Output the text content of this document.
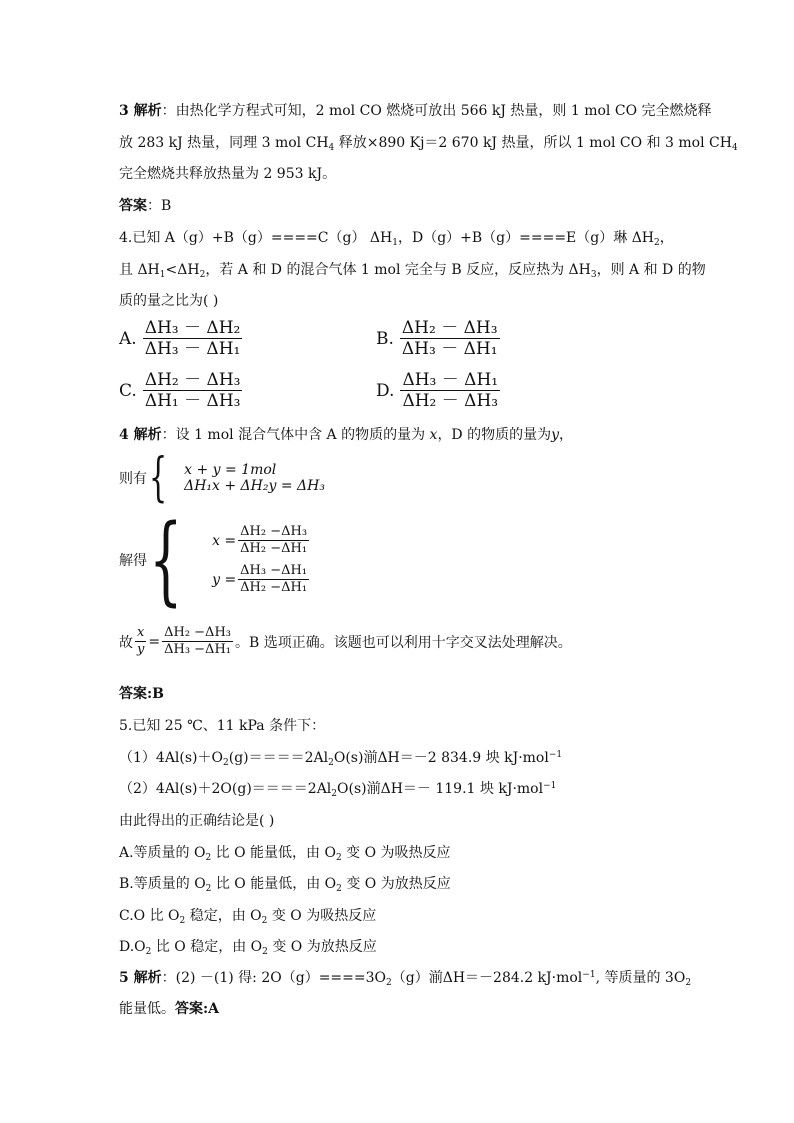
3 解析：由热化学方程式可知，2 mol CO 燃烧可放出 566 kJ 热量，则 1 mol CO 完全燃烧释
放 283 kJ 热量，同理 3 mol $CH_4$ 释放×890 Kj＝2 670 kJ 热量，所以 1 mol CO 和 3 mol $CH_4$
完全燃烧共释放热量为 2 953 kJ。
答案：B
4.已知 A（g）+B（g）====C（g） $\Delta H_1$，D（g）+B（g）====E（g）琳 $\Delta H_2$，
且 $\Delta H_1<\Delta H_2$，若 A 和 D 的混合气体 1 mol 完全与 B 反应，反应热为 $\Delta H_3$，则 A 和 D 的物
质的量之比为( )
A. $\frac{\text{ΔH₃ － ΔH₂}}{\text{ΔH₃ － ΔH₁}}$	B. $\frac{\text{ΔH₂ － ΔH₃}}{\text{ΔH₃ － ΔH₁}}$
C. $\frac{\text{ΔH₂ － ΔH₃}}{\text{ΔH₁ － ΔH₃}}$	D. $\frac{\text{ΔH₃ － ΔH₁}}{\text{ΔH₂ － ΔH₃}}$
4 解析：设 1 mol 混合气体中含 A 的物质的量为 x，D 的物质的量为y，
则有 { x + y = 1mol
ΔH₁x + ΔH₂y = ΔH₃
解得 { $x = \frac{\text{ΔH₂ −ΔH₃}}{\text{ΔH₂ −ΔH₁}}$
$y = \frac{\text{ΔH₃ −ΔH₁}}{\text{ΔH₂ −ΔH₁}}$
故 $\frac{x}{y} = \frac{\text{ΔH₂ −ΔH₃}}{\text{ΔH₃ −ΔH₁}}$ 。B 选项正确。该题也可以利用十字交叉法处理解决。
答案:B
5.已知 25 ℃、11 kPa 条件下：
$(1)4Al(s)+O_2(g)====2Al_2O(s)$湔ΔH＝－2 834.9 坱 kJ·mol$^{-1}$
$(2)4Al(s)+2O(g)====2Al_2O(s)$湔ΔH＝－ 119.1 坱 kJ·mol$^{-1}$
由此得出的正确结论是( )
A.等质量的 $O_2$ 比 O 能量低，由 $O_2$ 变 O 为吸热反应
B.等质量的 $O_2$ 比 O 能量低，由 $O_2$ 变 O 为放热反应
C.O 比 $O_2$ 稳定，由 $O_2$ 变 O 为吸热反应
$D.O_2$ 比 O 稳定，由 $O_2$ 变 O 为放热反应
5 解析：(2) －(1) 得: $2O(g)====3O_2(g)$湔ΔH＝－284.2 kJ·mol$^{-1}$, 等质量的 $3O_2$
能量低。答案:A
